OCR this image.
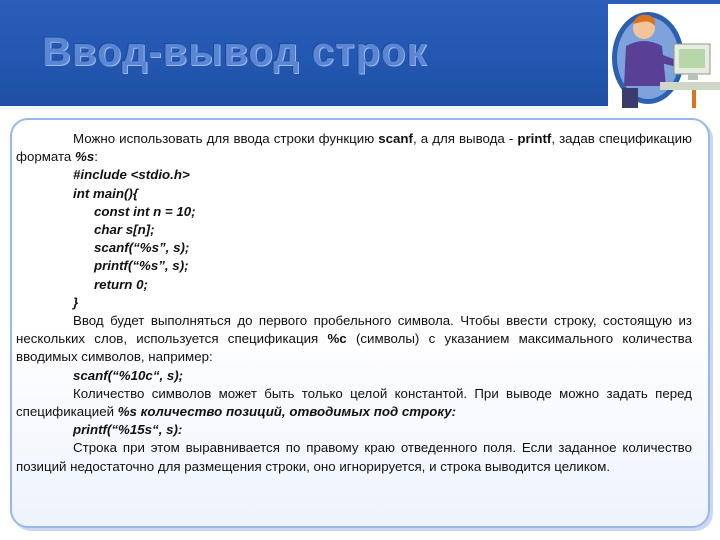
Ввод-вывод строк

Можно использовать для ввода строки функцию scanf, а для вывода - printf, задав спецификацию формата %s:

#include <stdio.h>

int main(){

const int n = 10;

char s[n];

scanf(“%s”, s);

printf(“%s”, s);

return 0;

}

Ввод будет выполняться до первого пробельного символа. Чтобы ввести строку, состоящую из нескольких слов, используется спецификация %c (символы) с указанием максимального количества вводимых символов, например:

scanf(“%10c“, s);

Количество символов может быть только целой константой. При выводе можно задать перед спецификацией %s количество позиций, отводимых под строку:

printf(“%15s“, s):

Строка при этом выравнивается по правому краю отведенного поля. Если заданное количество позиций недостаточно для размещения строки, оно игнорируется, и строка выводится целиком.
